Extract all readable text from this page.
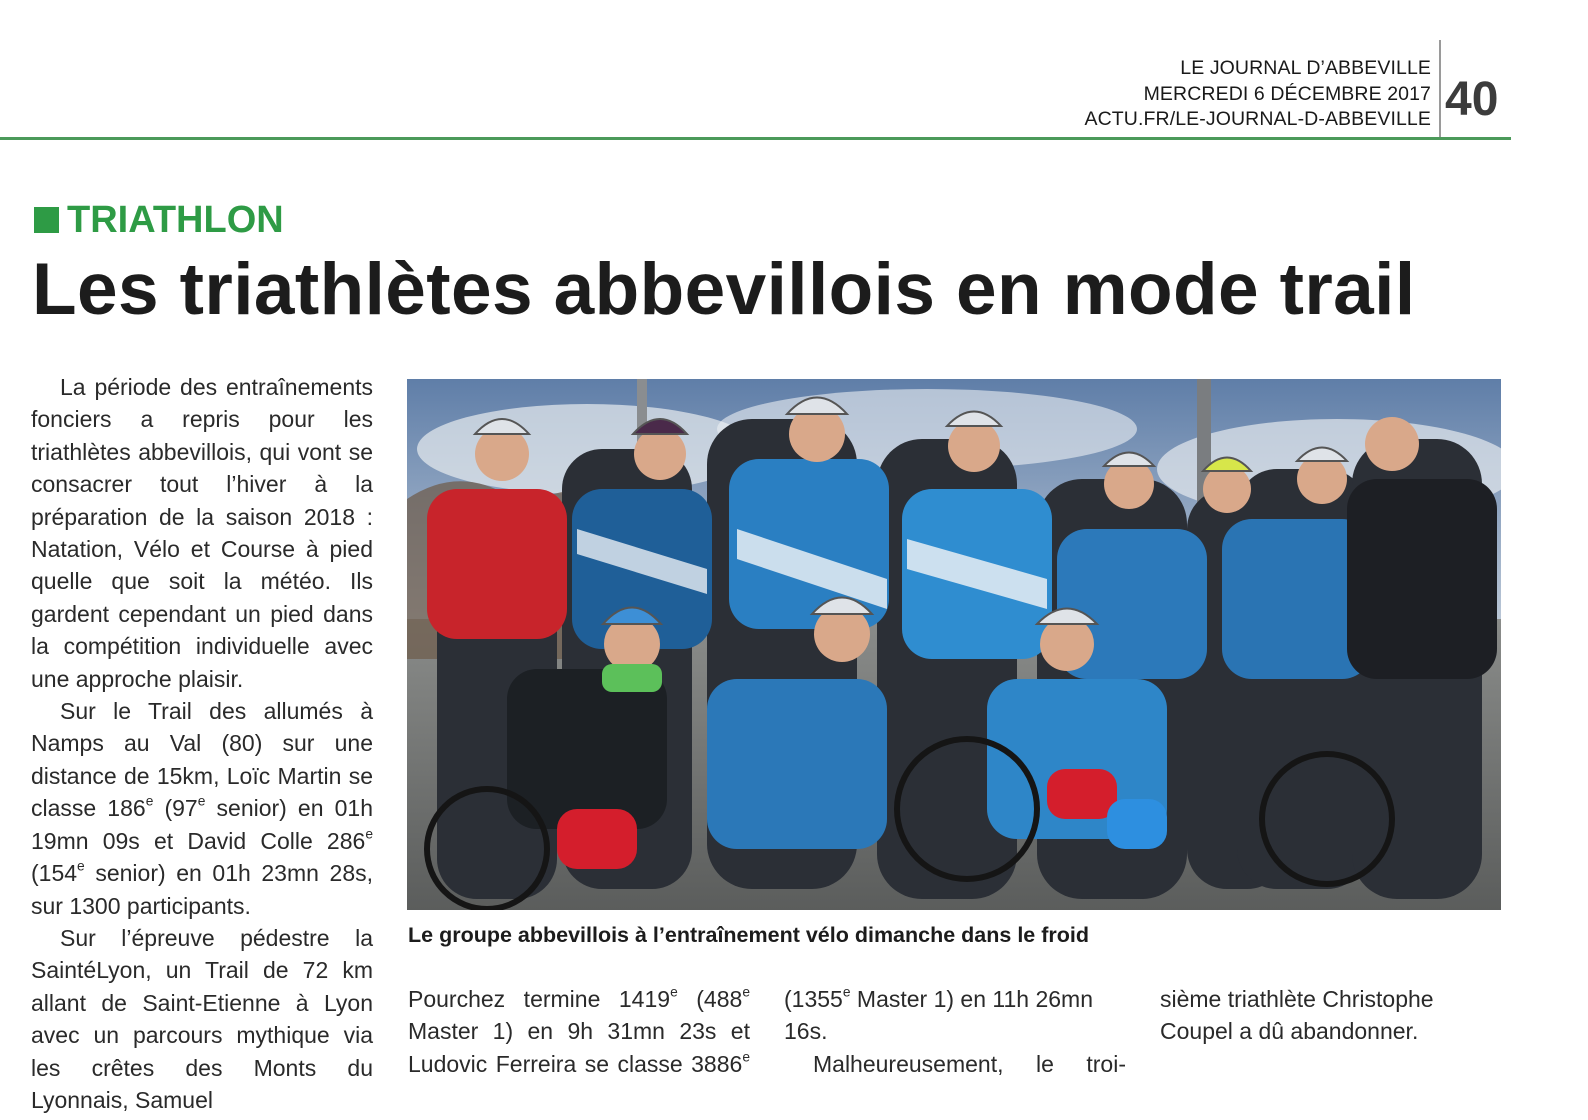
LE JOURNAL D’ABBEVILLE
MERCREDI 6 DÉCEMBRE 2017
ACTU.FR/LE-JOURNAL-D-ABBEVILLE 40
TRIATHLON
Les triathlètes abbevillois en mode trail

La période des entraînements fonciers a repris pour les triathlètes abbevillois, qui vont se consacrer tout l’hiver à la préparation de la saison 2018 : Natation, Vélo et Course à pied quelle que soit la météo. Ils gardent cependant un pied dans la compétition individuelle avec une approche plaisir.

Sur le Trail des allumés à Namps au Val (80) sur une distance de 15km, Loïc Martin se classe 186e (97e senior) en 01h 19mn 09s et David Colle 286e (154e senior) en 01h 23mn 28s, sur 1300 participants.

Sur l’épreuve pédestre la SaintéLyon, un Trail de 72 km allant de Saint-Etienne à Lyon avec un parcours mythique via les crêtes des Monts du Lyonnais, Samuel

Le groupe abbevillois à l’entraînement vélo dimanche dans le froid

Pourchez termine 1419e (488e Master 1) en 9h 31mn 23s et Ludovic Ferreira se classe 3886e

(1355e Master 1) en 11h 26mn 16s.

Malheureusement, le troi-

sième triathlète Christophe Coupel a dû abandonner.
